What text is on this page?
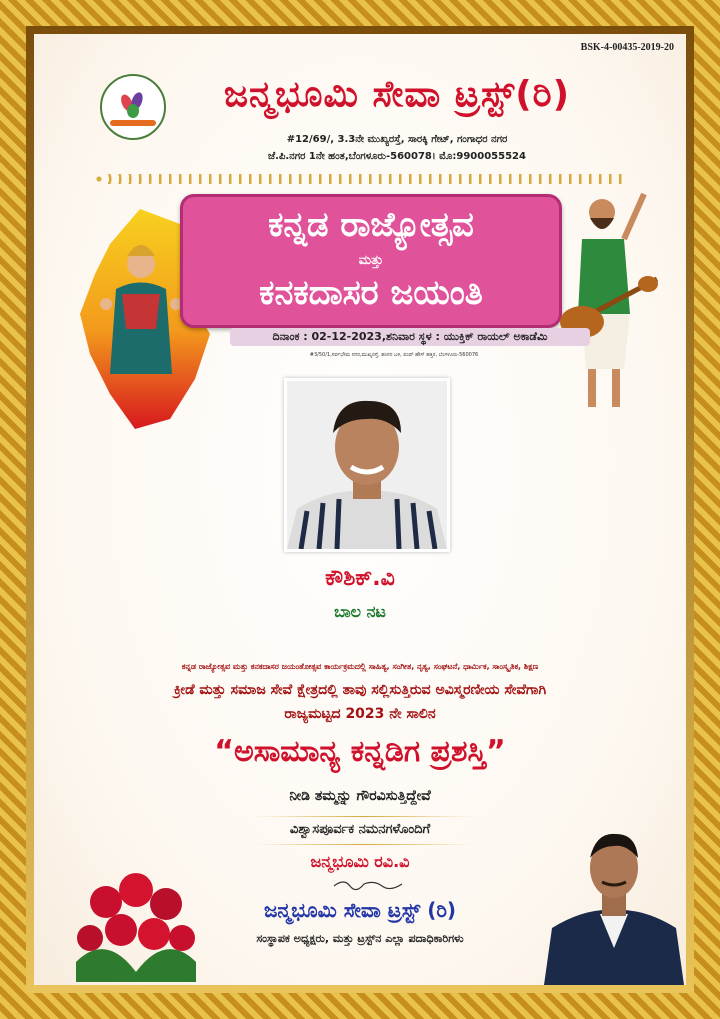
BSK-4-00435-2019-20
ಜನ್ಮಭೂಮಿ ಸೇವಾ ಟ್ರಸ್ಟ್(ರಿ)
#12/69/, 3.3ನೇ ಮುಖ್ಯರಸ್ತೆ, ಸಾರಕ್ಕಿ ಗೇಟ್, ಗಂಗಾಧರ ನಗರ
ಜೆ.ಪಿ.ನಗರ 1ನೇ ಹಂತ,ಬೆಂಗಳೂರು-560078। ಮೊ:9900055524
ಕನ್ನಡ ರಾಜ್ಯೋತ್ಸವ
ಮತ್ತು
ಕನಕದಾಸರ ಜಯಂತಿ
ದಿನಾಂಕ : 02-12-2023,ಶನಿವಾರ ಸ್ಥಳ : ಯುಕ್ತಿಕ್ ರಾಯಲ್ ಅಕಾಡೆಮಿ
#3/50/1,ಸರ್ವಭೌಮ ನಗರ,ಮುಖ್ಯರಸ್ತೆ, ಹಂಸನ ಬಳಿ, ಪಂಪ್ ಹೌಸ್ ಹತ್ತಿರ, ಬೆಂಗಳೂರು-560076
ಕೌಶಿಕ್.ವಿ
ಬಾಲ ನಟ
ಕನ್ನಡ ರಾಜ್ಯೋತ್ಸವ ಮತ್ತು ಕನಕದಾಸರ ಜಯಂತೋತ್ಸವ ಕಾರ್ಯಕ್ರಮದಲ್ಲಿ ಸಾಹಿತ್ಯ, ಸಂಗೀತ, ನೃತ್ಯ, ಸಂಘಟನೆ, ಧಾರ್ಮಿಕ, ಸಾಂಸ್ಕೃತಿಕ, ಶಿಕ್ಷಣ
ಕ್ರೀಡೆ ಮತ್ತು ಸಮಾಜ ಸೇವೆ ಕ್ಷೇತ್ರದಲ್ಲಿ ತಾವು ಸಲ್ಲಿಸುತ್ತಿರುವ ಅವಿಸ್ಮರಣೀಯ ಸೇವೆಗಾಗಿ
ರಾಜ್ಯಮಟ್ಟದ 2023 ನೇ ಸಾಲಿನ
“ಅಸಾಮಾನ್ಯ ಕನ್ನಡಿಗ ಪ್ರಶಸ್ತಿ”
ನೀಡಿ ತಮ್ಮನ್ನು ಗೌರವಿಸುತ್ತಿದ್ದೇವೆ
ವಿಶ್ವಾಸಪೂರ್ವಕ ನಮನಗಳೊಂದಿಗೆ
ಜನ್ಮಭೂಮಿ ರವಿ.ವಿ
ಜನ್ಮಭೂಮಿ ಸೇವಾ ಟ್ರಸ್ಟ್ (ರಿ)
ಸಂಸ್ಥಾಪಕ ಅಧ್ಯಕ್ಷರು, ಮತ್ತು ಟ್ರಸ್ಟ್‌ನ ಎಲ್ಲಾ ಪದಾಧಿಕಾರಿಗಳು
